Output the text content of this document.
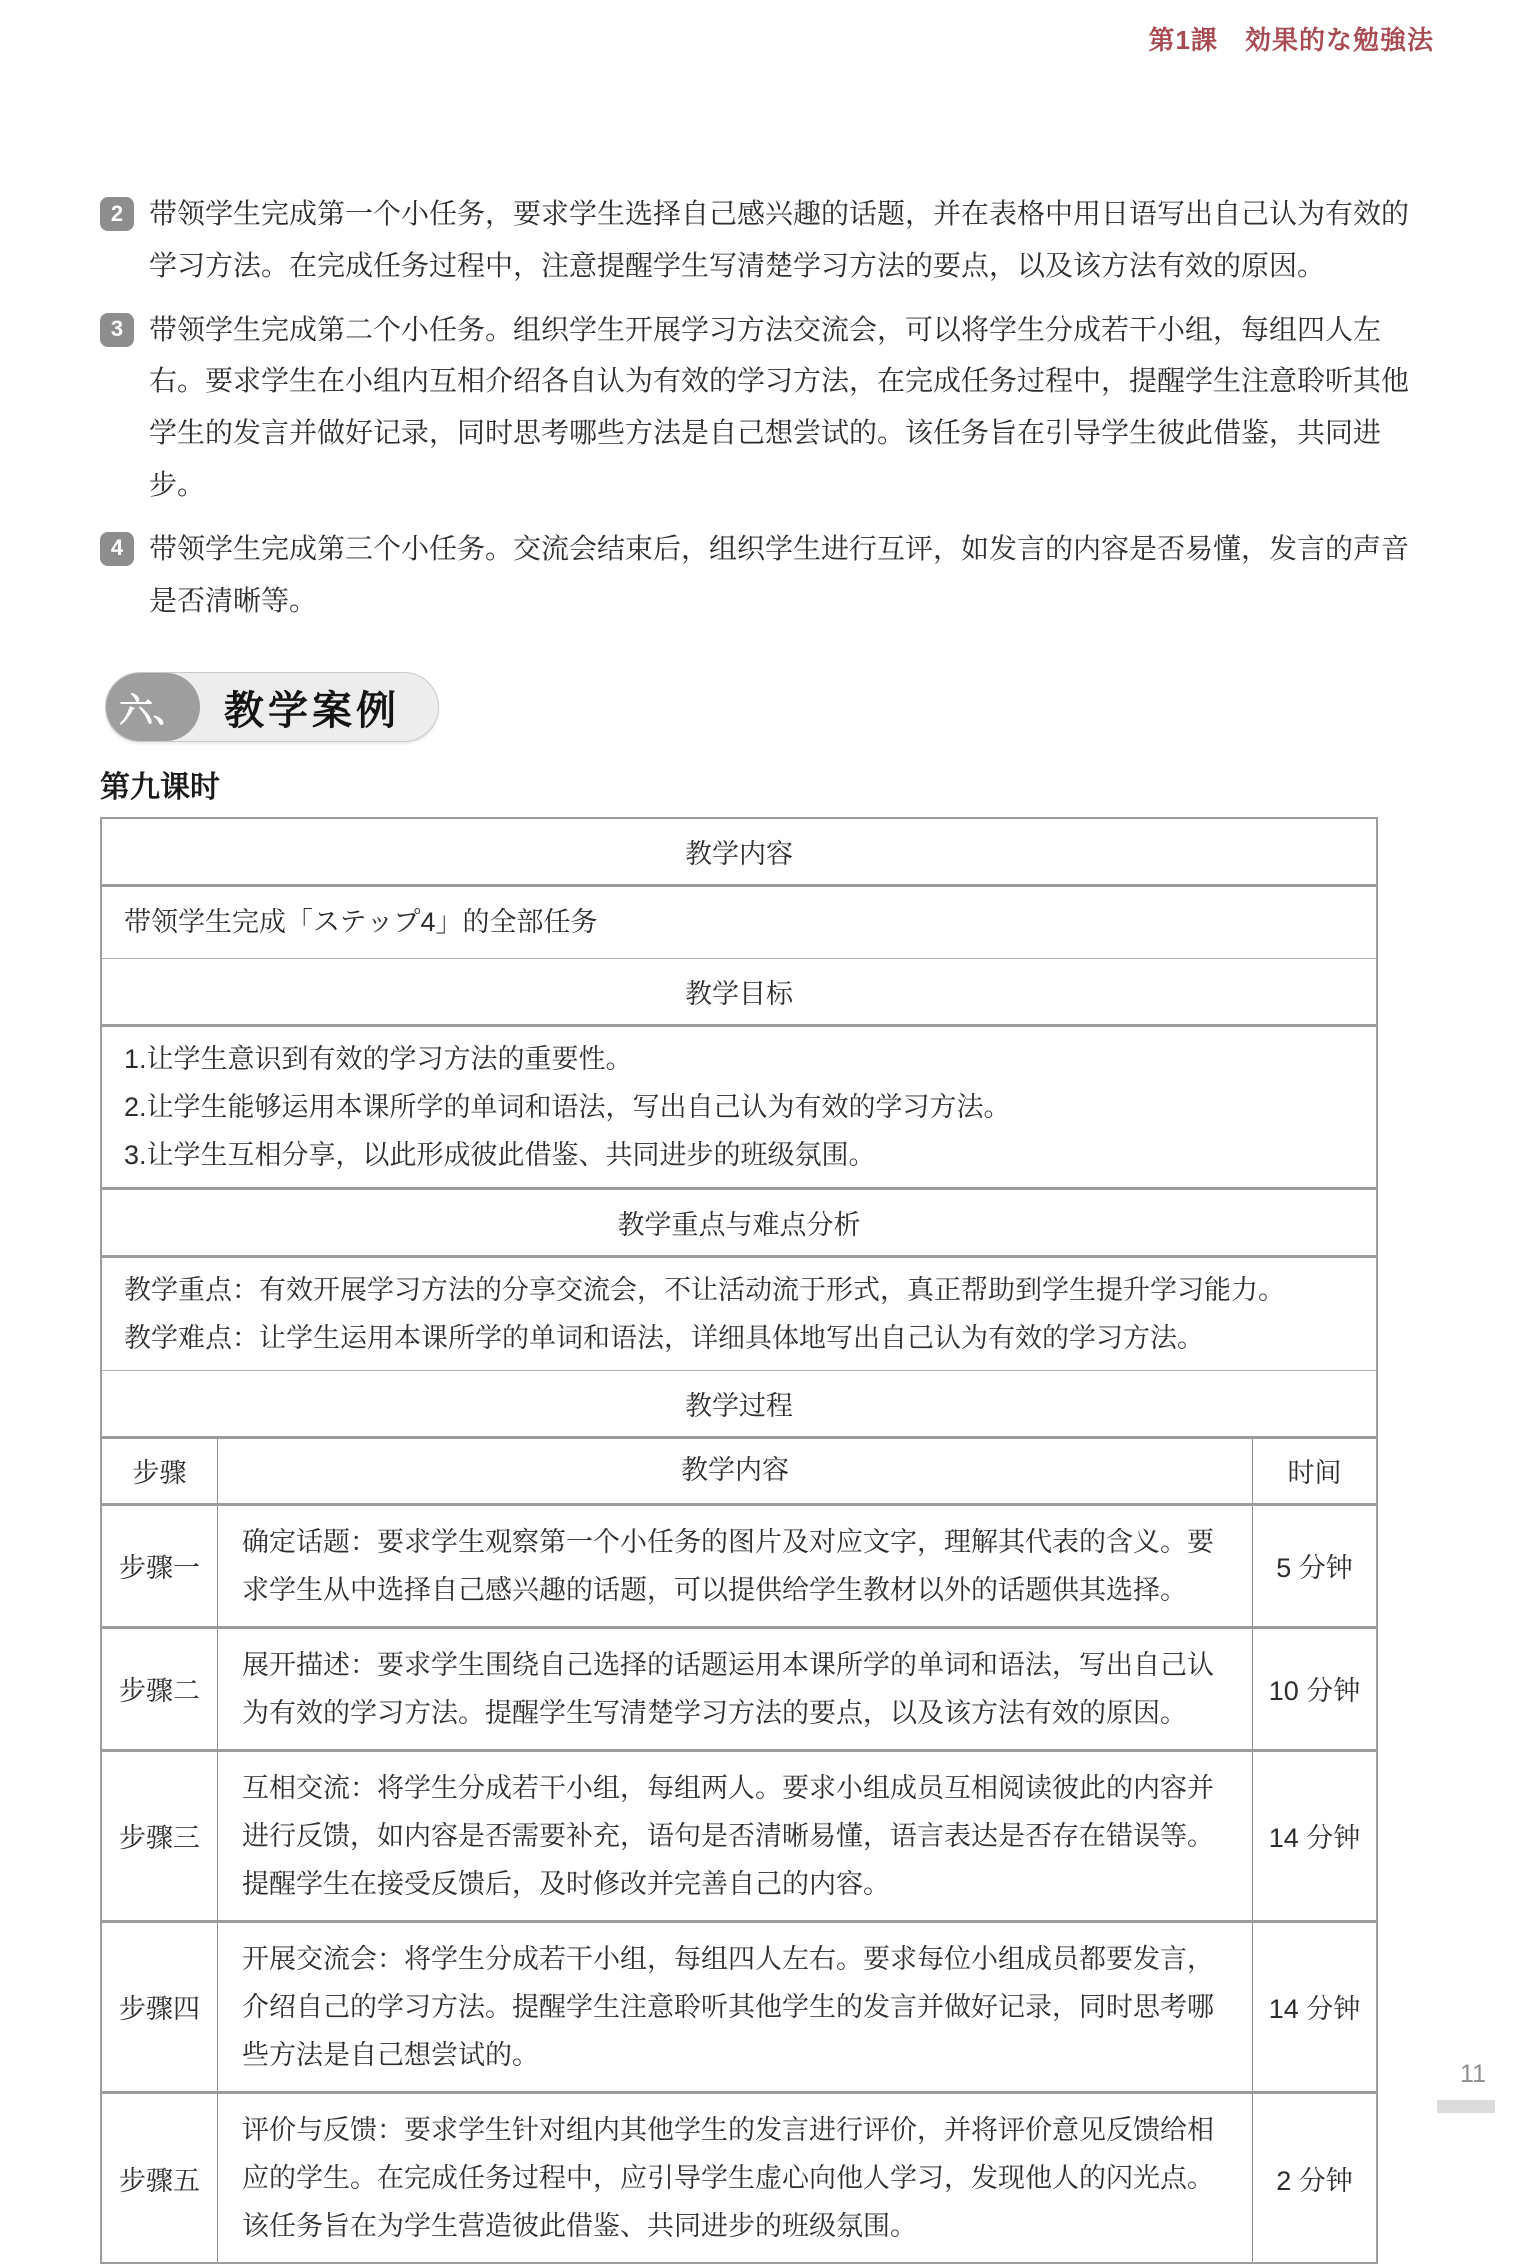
第1課　効果的な勉強法
2 带领学生完成第一个小任务，要求学生选择自己感兴趣的话题，并在表格中用日语写出自己认为有效的学习方法。在完成任务过程中，注意提醒学生写清楚学习方法的要点，以及该方法有效的原因。
3 带领学生完成第二个小任务。组织学生开展学习方法交流会，可以将学生分成若干小组，每组四人左右。要求学生在小组内互相介绍各自认为有效的学习方法，在完成任务过程中，提醒学生注意聆听其他学生的发言并做好记录，同时思考哪些方法是自己想尝试的。该任务旨在引导学生彼此借鉴，共同进步。
4 带领学生完成第三个小任务。交流会结束后，组织学生进行互评，如发言的内容是否易懂，发言的声音是否清晰等。
六、 教学案例
第九课时
教学内容
带领学生完成「ステップ4」的全部任务
教学目标
1.让学生意识到有效的学习方法的重要性。
2.让学生能够运用本课所学的单词和语法，写出自己认为有效的学习方法。
3.让学生互相分享，以此形成彼此借鉴、共同进步的班级氛围。
教学重点与难点分析
教学重点：有效开展学习方法的分享交流会，不让活动流于形式，真正帮助到学生提升学习能力。
教学难点：让学生运用本课所学的单词和语法，详细具体地写出自己认为有效的学习方法。
教学过程
步骤	教学内容	时间
步骤一
确定话题：要求学生观察第一个小任务的图片及对应文字，理解其代表的含义。要求学生从中选择自己感兴趣的话题，可以提供给学生教材以外的话题供其选择。
5 分钟
步骤二
展开描述：要求学生围绕自己选择的话题运用本课所学的单词和语法，写出自己认为有效的学习方法。提醒学生写清楚学习方法的要点，以及该方法有效的原因。
10 分钟
步骤三
互相交流：将学生分成若干小组，每组两人。要求小组成员互相阅读彼此的内容并进行反馈，如内容是否需要补充，语句是否清晰易懂，语言表达是否存在错误等。提醒学生在接受反馈后，及时修改并完善自己的内容。
14 分钟
步骤四
开展交流会：将学生分成若干小组，每组四人左右。要求每位小组成员都要发言，介绍自己的学习方法。提醒学生注意聆听其他学生的发言并做好记录，同时思考哪些方法是自己想尝试的。
14 分钟
步骤五
评价与反馈：要求学生针对组内其他学生的发言进行评价，并将评价意见反馈给相应的学生。在完成任务过程中，应引导学生虚心向他人学习，发现他人的闪光点。该任务旨在为学生营造彼此借鉴、共同进步的班级氛围。
2 分钟
11
